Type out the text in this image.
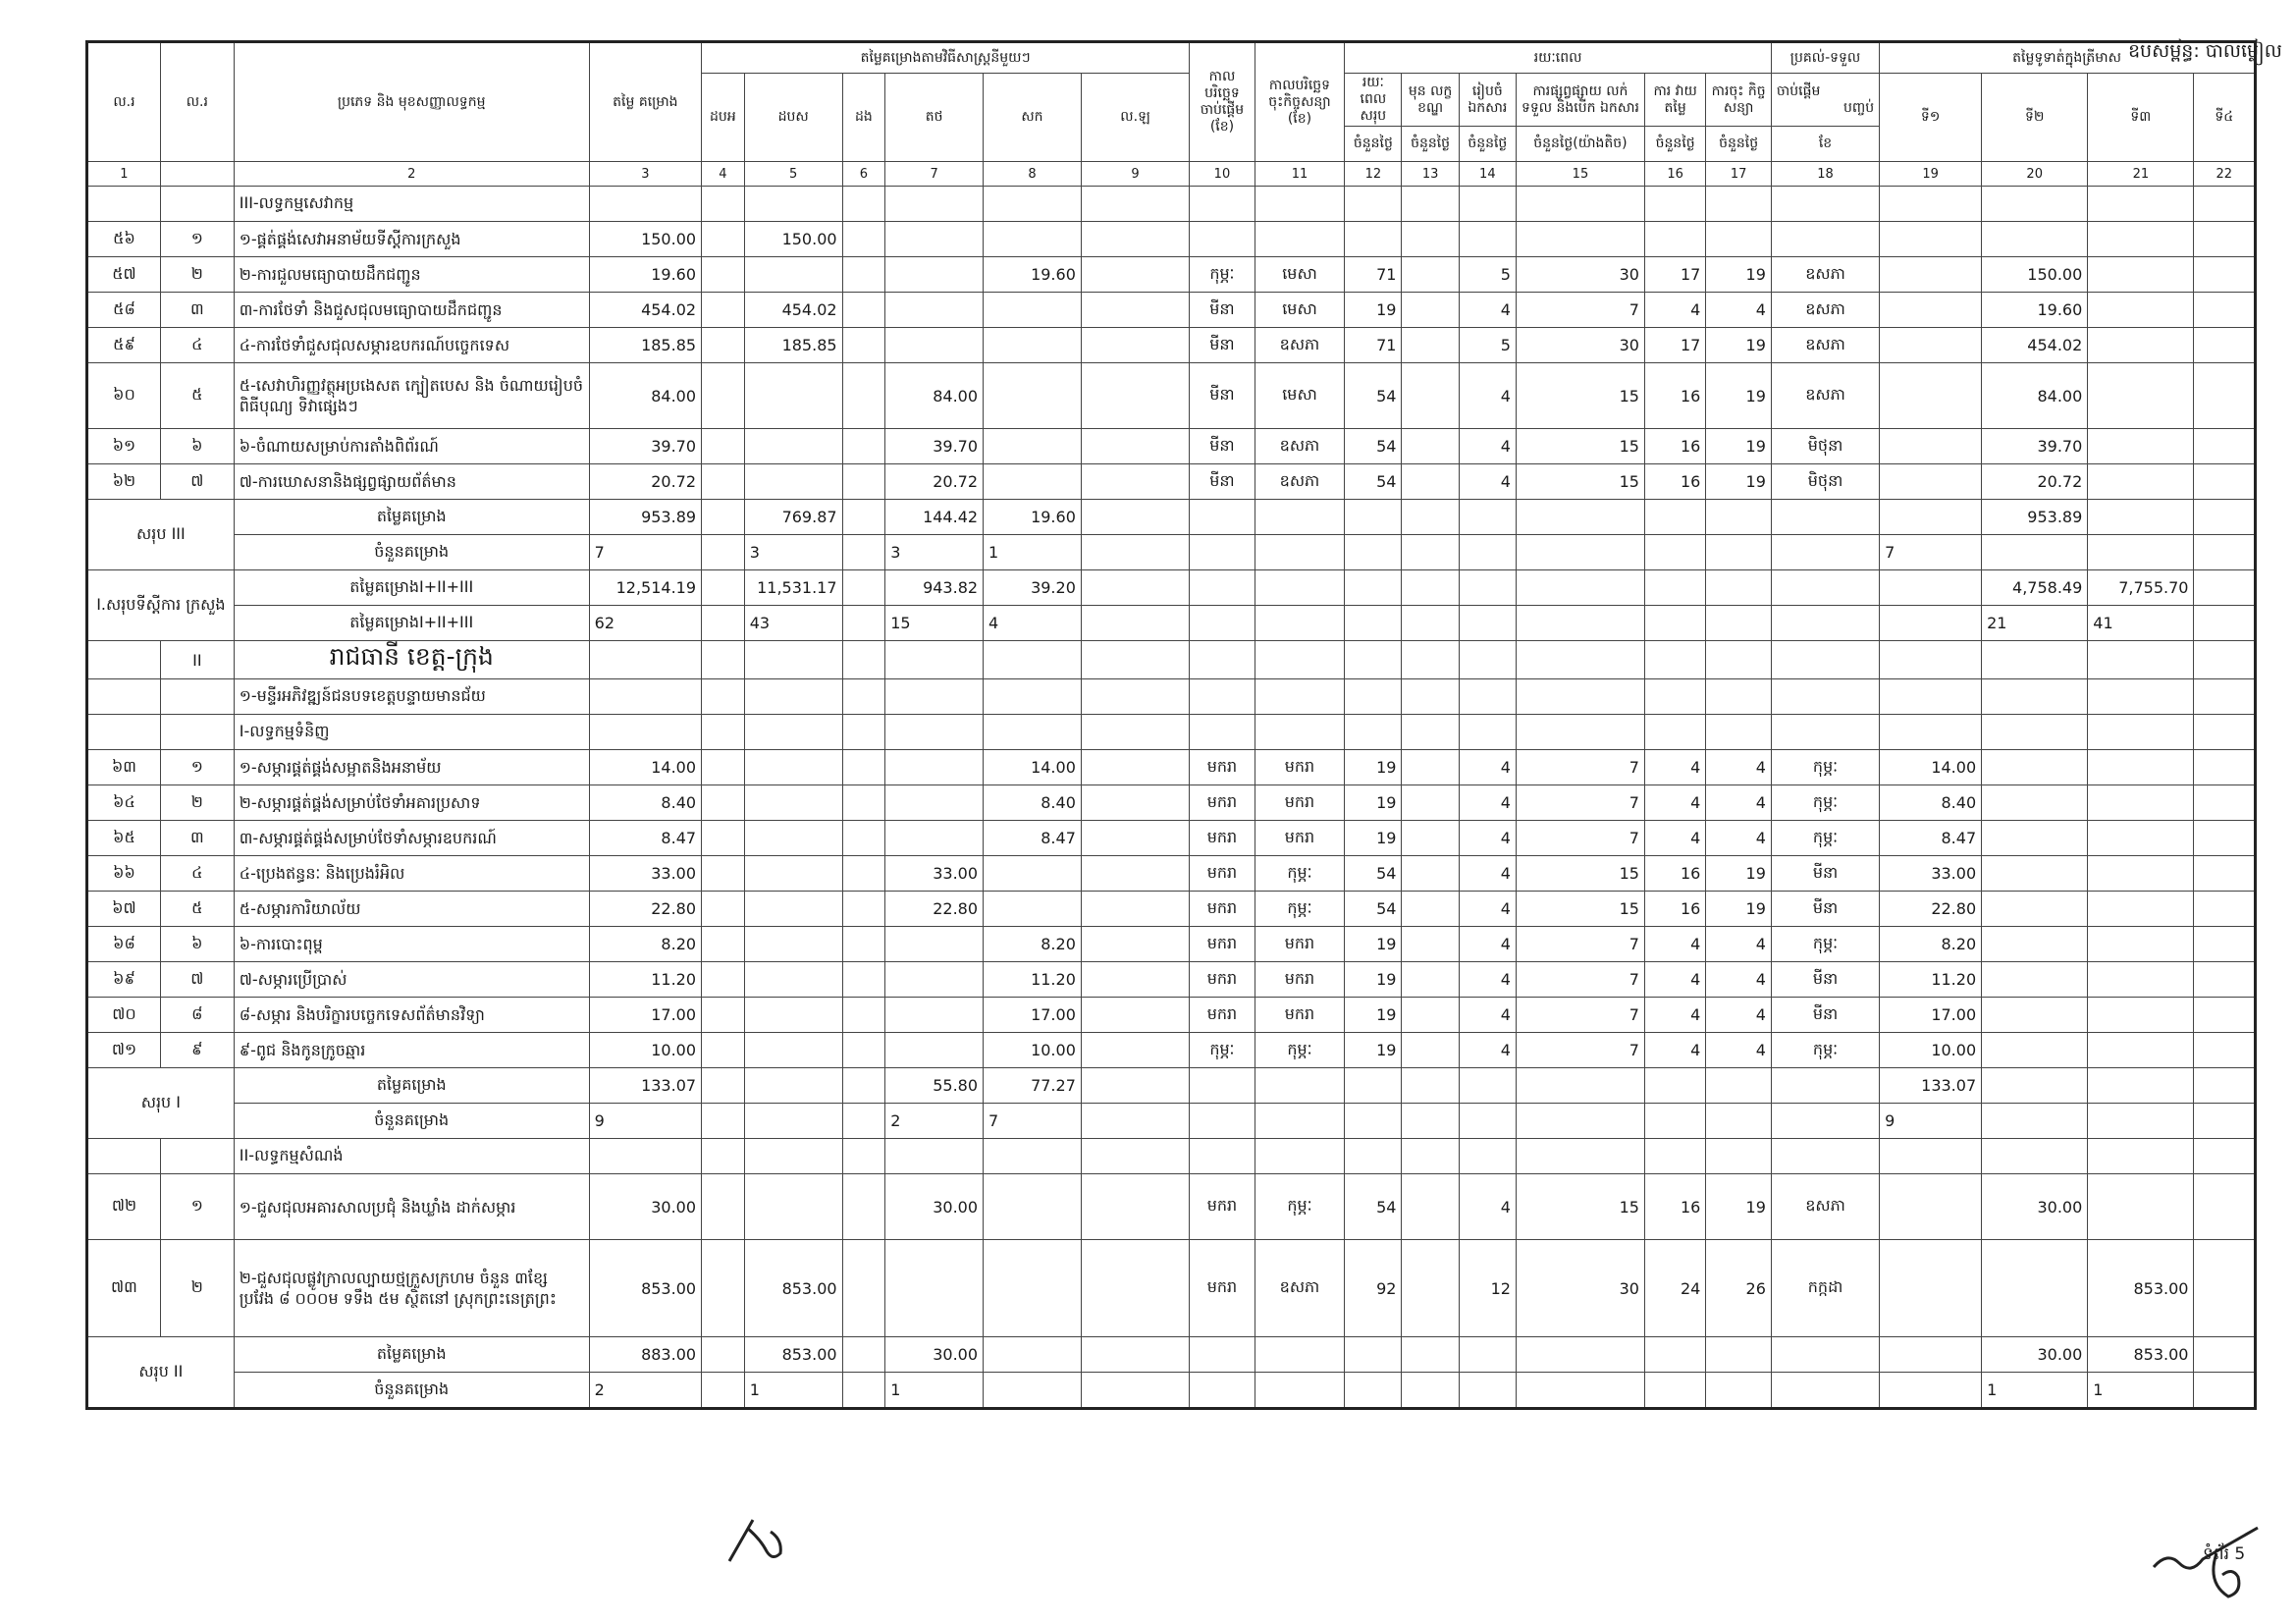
ឧបសម្ព័ន្ធ: បាលម្លៀល
ល.រ	ល.រ	ប្រភេទ និង មុខសញ្ញាលទ្ធកម្ម	តម្លៃ គម្រោង	តម្លៃគម្រោងតាមវិធីសាស្ត្រនីមួយៗ						កាលបរិច្ឆេទ ចាប់ផ្តើម (ខែ)	កាលបរិច្ឆេទ ចុះកិច្ចសន្យា (ខែ)	រយៈពេល						ប្រគល់-ទទួល	តម្លៃទូទាត់ក្នុងត្រីមាស			
				ដបអ	ដបស	ដង	តថ	សក	ល.ឡ			រយៈពេល សរុប	មុន លក្ខខណ្ឌ	រៀបចំ ឯកសារ	ការផ្សព្វផ្សាយ លក់ ទទួល និងបើក ឯកសារ	ការ វាយតម្លៃ	ការចុះ កិច្ចសន្យា	ចាប់ផ្តើម
បញ្ចប់	ទី១	ទី២	ទី៣	ទី៤
												ចំនួនថ្ងៃ	ចំនួនថ្ងៃ	ចំនួនថ្ងៃ	ចំនួនថ្ងៃ(យ៉ាងតិច)	ចំនួនថ្ងៃ	ចំនួនថ្ងៃ	ខែ				
1		2	3	4	5	6	7	8	9	10	11	12	13	14	15	16	17	18	19	20	21	22
		III-លទ្ធកម្មសេវាកម្ម																				
៥៦	១	១-ផ្គត់ផ្គង់សេវាអនាម័យទីស្តីការក្រសួង	150.00		150.00																	
៥៧	២	២-ការជួលមធ្យោបាយដឹកជញ្ជូន	19.60					19.60		កុម្ភៈ	មេសា	71		5	30	17	19	ឧសភា		150.00		
៥៨	៣	៣-ការថែទាំ និងជួសជុលមធ្យោបាយដឹកជញ្ជូន	454.02		454.02					មីនា	មេសា	19		4	7	4	4	ឧសភា		19.60		
៥៩	៤	៤-ការថែទាំជួសជុលសម្ភារឧបករណ៍បច្ចេកទេស	185.85		185.85					មីនា	ឧសភា	71		5	30	17	19	ឧសភា		454.02		
៦០	៥	៥-សេវាហិរញ្ញវត្ថុអប្រងេសត ក្បៀតបេស និង ចំណាយរៀបចំពិធីបុណ្យ ទិវាផ្សេងៗ	84.00				84.00			មីនា	មេសា	54		4	15	16	19	ឧសភា		84.00		
៦១	៦	៦-ចំណាយសម្រាប់ការតាំងពិព័រណ៍	39.70				39.70			មីនា	ឧសភា	54		4	15	16	19	មិថុនា		39.70		
៦២	៧	៧-ការឃោសនានិងផ្សព្វផ្សាយព័ត៌មាន	20.72				20.72			មីនា	ឧសភា	54		4	15	16	19	មិថុនា		20.72		
សរុប III		តម្លៃគម្រោង	953.89		769.87		144.42	19.60												953.89		
		ចំនួនគម្រោង	7		3		3	1											7			
I.សរុបទីស្តីការ ក្រសួង		តម្លៃគម្រោងI+II+III	12,514.19		11,531.17		943.82	39.20												4,758.49	7,755.70	
		តម្លៃគម្រោងI+II+III	62		43		15	4												21	41	
	II	រាជធានី ខេត្ត-ក្រុង																				
		១-មន្ទីរអភិវឌ្ឍន៍ជនបទខេត្តបន្ទាយមានជ័យ																				
		I-លទ្ធកម្មទំនិញ																				
៦៣	១	១-សម្ភារផ្គត់ផ្គង់សម្អាតនិងអនាម័យ	14.00					14.00		មករា	មករា	19		4	7	4	4	កុម្ភៈ	14.00			
៦៤	២	២-សម្ភារផ្គត់ផ្គង់សម្រាប់ថែទាំអគារប្រសាទ	8.40					8.40		មករា	មករា	19		4	7	4	4	កុម្ភៈ	8.40			
៦៥	៣	៣-សម្ភារផ្គត់ផ្គង់សម្រាប់ថែទាំសម្ភារឧបករណ៍	8.47					8.47		មករា	មករា	19		4	7	4	4	កុម្ភៈ	8.47			
៦៦	៤	៤-ប្រេងឥន្ធនៈ និងប្រេងរំអិល	33.00				33.00			មករា	កុម្ភៈ	54		4	15	16	19	មីនា	33.00			
៦៧	៥	៥-សម្ភារការិយាល័យ	22.80				22.80			មករា	កុម្ភៈ	54		4	15	16	19	មីនា	22.80			
៦៨	៦	៦-ការបោះពុម្ព	8.20					8.20		មករា	មករា	19		4	7	4	4	កុម្ភៈ	8.20			
៦៩	៧	៧-សម្ភារប្រើប្រាស់	11.20					11.20		មករា	មករា	19		4	7	4	4	មីនា	11.20			
៧០	៨	៨-សម្ភារ និងបរិក្ខារបច្ចេកទេសព័ត៌មានវិទ្យា	17.00					17.00		មករា	មករា	19		4	7	4	4	មីនា	17.00			
៧១	៩	៩-ពូជ និងកូនក្រូចឆ្មារ	10.00					10.00		កុម្ភៈ	កុម្ភៈ	19		4	7	4	4	កុម្ភៈ	10.00			
សរុប I		តម្លៃគម្រោង	133.07				55.80	77.27											133.07			
		ចំនួនគម្រោង	9				2	7											9			
		II-លទ្ធកម្មសំណង់																				
៧២	១	១-ជួសជុលអគារសាលប្រជុំ និងឃ្លាំង ដាក់សម្ភារ	30.00				30.00			មករា	កុម្ភៈ	54		4	15	16	19	ឧសភា		30.00		
៧៣	២	២-ជួសជុលផ្លូវក្រាលល្បាយថ្មក្រួសក្រហម ចំនួន ៣ខ្សែ ប្រវែង ៨ ០០០ម ទទឹង ៥ម ស្ថិតនៅ ស្រុកព្រះនេត្រព្រះ	853.00		853.00					មករា	ឧសភា	92		12	30	24	26	កក្កដា			853.00	
សរុប II		តម្លៃគម្រោង	883.00		853.00		30.00													30.00	853.00	
		ចំនួនគម្រោង	2		1		1													1	1	
ទំព័រ 5
